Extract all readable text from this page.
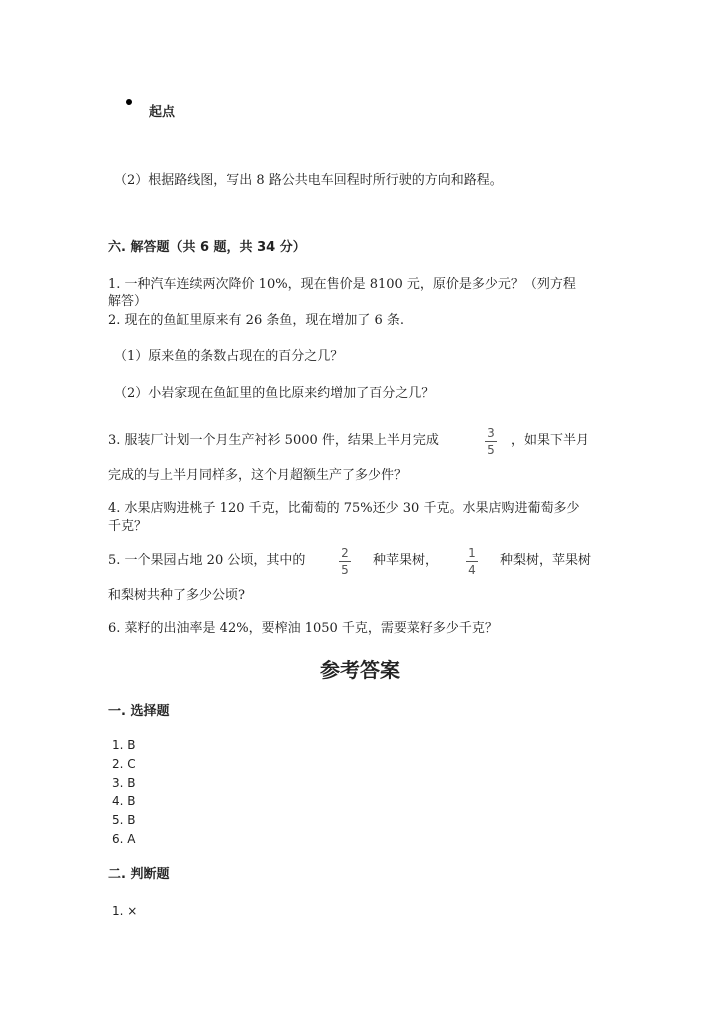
起点
（2）根据路线图，写出 8 路公共电车回程时所行驶的方向和路程。
六. 解答题（共 6 题，共 34 分）
1. 一种汽车连续两次降价 10%，现在售价是 8100 元，原价是多少元？（列方程
解答）
2. 现在的鱼缸里原来有 26 条鱼，现在增加了 6 条.
（1）原来鱼的条数占现在的百分之几？
（2）小岩家现在鱼缸里的鱼比原来约增加了百分之几？
3. 服装厂计划一个月生产衬衫 5000 件，结果上半月完成	3
5
，如果下半月
完成的与上半月同样多，这个月超额生产了多少件？
4. 水果店购进桃子 120 千克，比葡萄的 75%还少 30 千克。水果店购进葡萄多少
千克？
5. 一个果园占地 20 公顷，其中的	2
5
种苹果树，	1
4
种梨树，苹果树
和梨树共种了多少公顷?
6. 菜籽的出油率是 42%，要榨油 1050 千克，需要菜籽多少千克？
参考答案
一. 选择题
1. B
2. C
3. B
4. B
5. B
6. A
二. 判断题
1. ×
